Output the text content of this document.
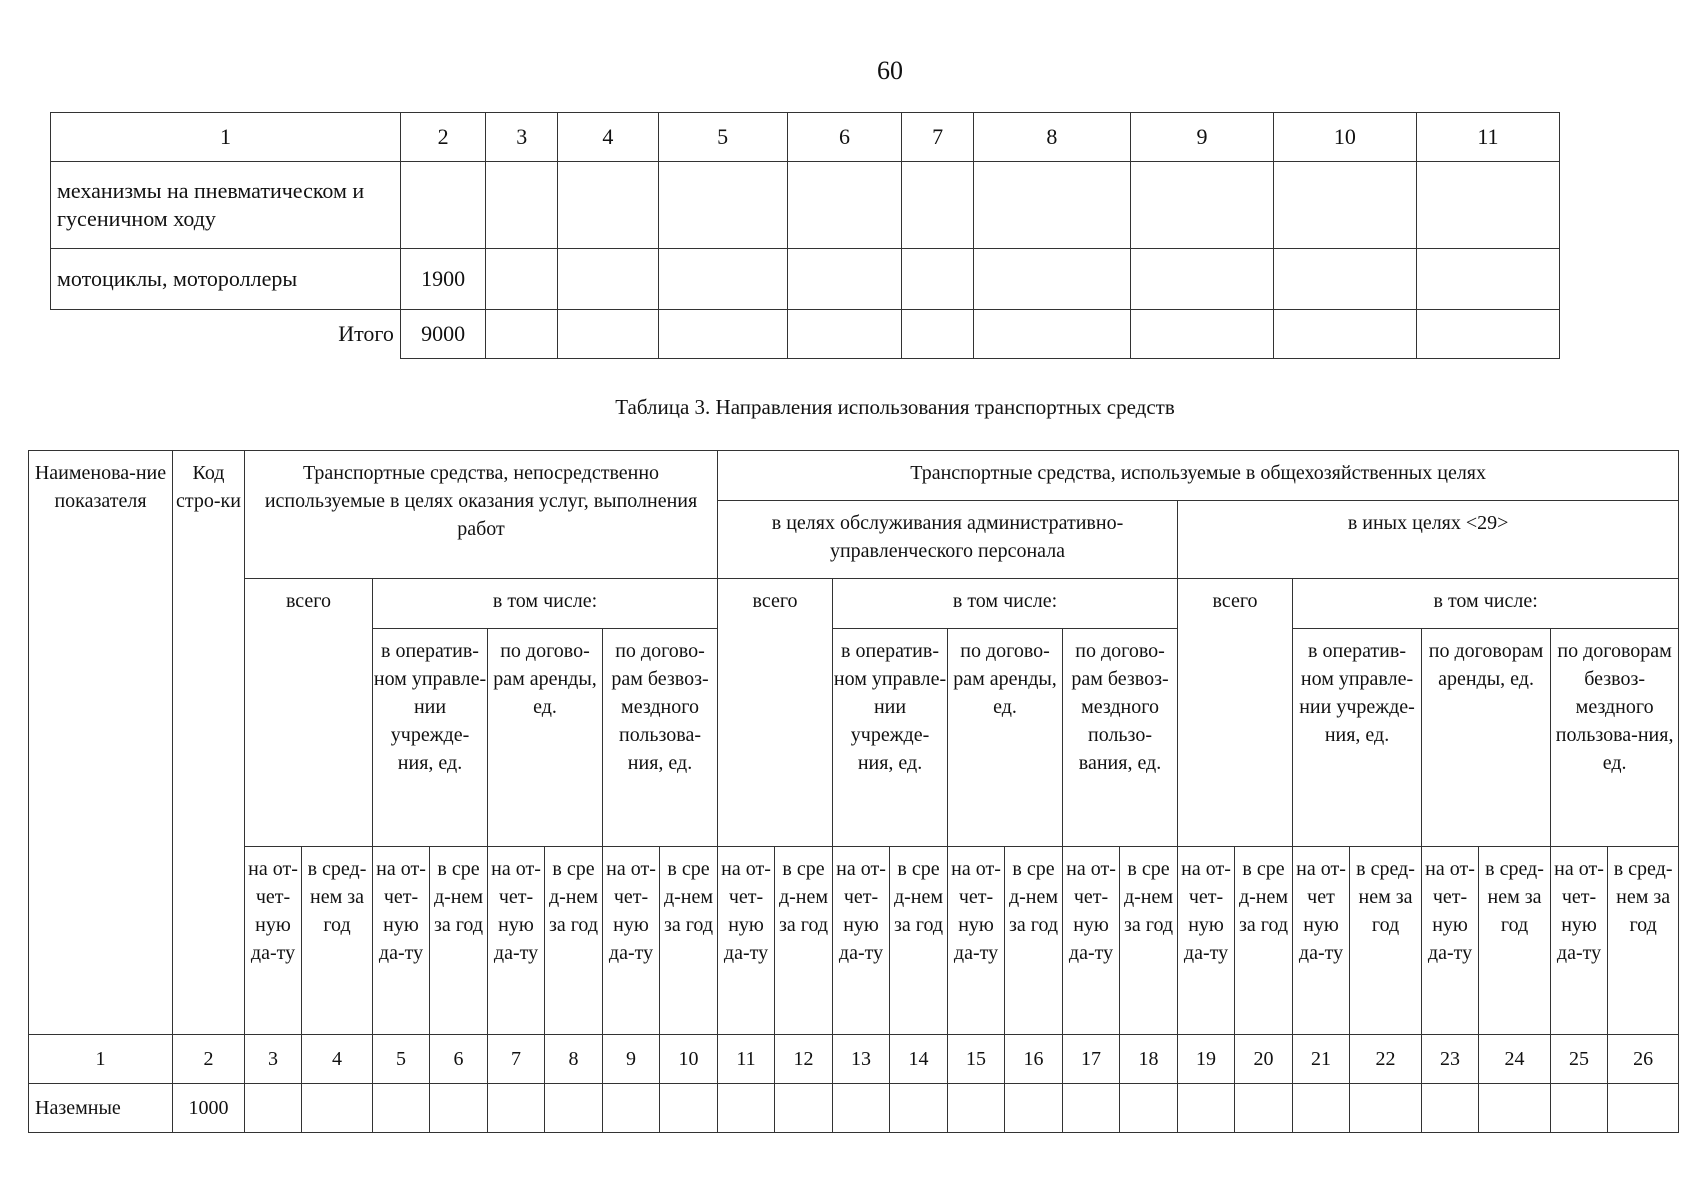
60
1	2	3	4	5	6	7	8	9	10	11
механизмы на пневматическом и гусеничном ходу										
мотоциклы, мотороллеры	1900									
Итого	9000									
Таблица 3. Направления использования транспортных средств
Наименова-ние показателя	Код стро-ки	Транспортные средства, непосредственно используемые в целях оказания услуг, выполнения работ								Транспортные средства, используемые в общехозяйственных целях															
										в целях обслуживания административно-управленческого персонала								в иных целях <29>							
		всего		в том числе:						всего		в том числе:						всего		в том числе:					
				в оператив-ном управле-нии учрежде-ния, ед.		по догово-рам аренды, ед.		по догово-рам безвоз-мездного пользова-ния, ед.				в оператив-ном управле-нии учрежде-ния, ед.		по догово-рам аренды, ед.		по догово-рам безвоз-мездного пользо-вания, ед.				в оператив-ном управле-нии учрежде-ния, ед.		по договорам аренды, ед.		по договорам безвоз-мездного пользова-ния, ед.	
		на от-чет-ную да-ту	в сред-нем за год	на от-чет-ную да-ту	в сре д-нем за год	на от-чет-ную да-ту	в сре д-нем за год	на от-чет-ную да-ту	в сре д-нем за год	на от-чет-ную да-ту	в сре д-нем за год	на от-чет-ную да-ту	в сре д-нем за год	на от-чет-ную да-ту	в сре д-нем за год	на от-чет-ную да-ту	в сре д-нем за год	на от-чет-ную да-ту	в сре д-нем за год	на от-чет ную да-ту	в сред-нем за год	на от-чет-ную да-ту	в сред-нем за год	на от-чет-ную да-ту	в сред-нем за год
1	2	3	4	5	6	7	8	9	10	11	12	13	14	15	16	17	18	19	20	21	22	23	24	25	26
Наземные	1000																								
